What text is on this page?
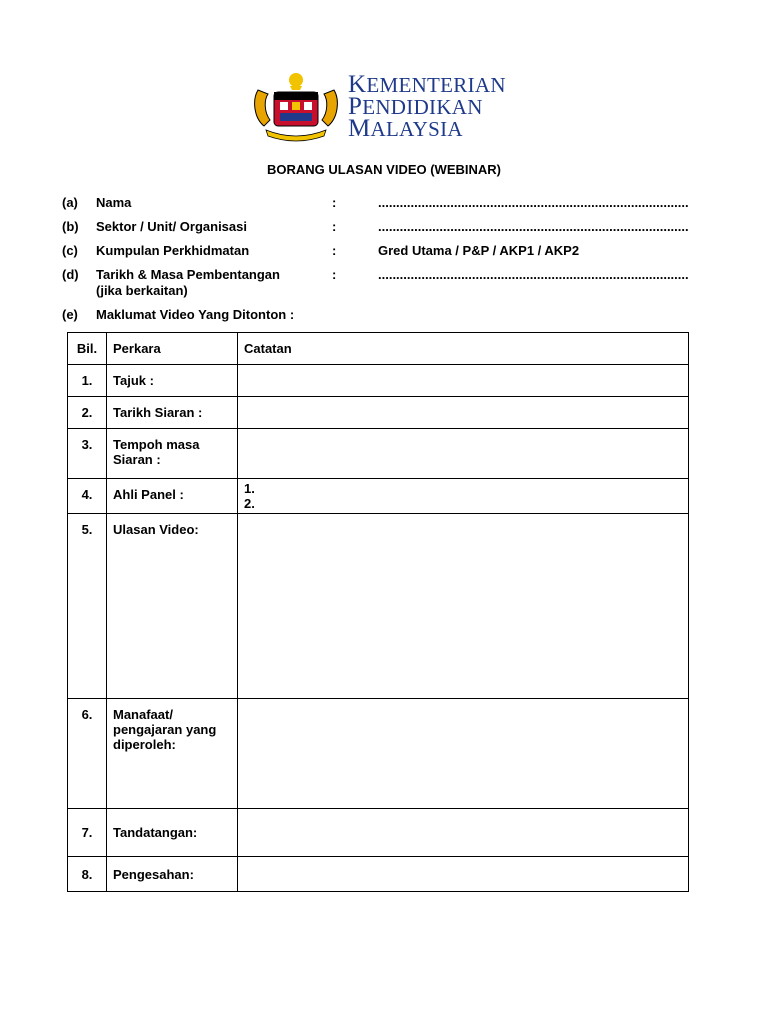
KEMENTERIAN
PENDIDIKAN
MALAYSIA
BORANG ULASAN VIDEO (WEBINAR)
(a) Nama	:	......................................................................................
(b) Sektor / Unit/ Organisasi	:	......................................................................................
(c) Kumpulan Perkhidmatan	:	Gred Utama / P&P / AKP1 / AKP2
(d) Tarikh & Masa Pembentangan
(jika berkaitan)
:	......................................................................................
(e) Maklumat Video Yang Ditonton :
Bil.	Perkara	Catatan
1.	Tajuk :	
2.	Tarikh Siaran :	
3.	Tempoh masa
Siaran :	
4.	Ahli Panel :	1.
2.
5.	Ulasan Video:	
6.	Manafaat/
pengajaran yang
diperoleh:	
7.	Tandatangan:	
8.	Pengesahan:	
